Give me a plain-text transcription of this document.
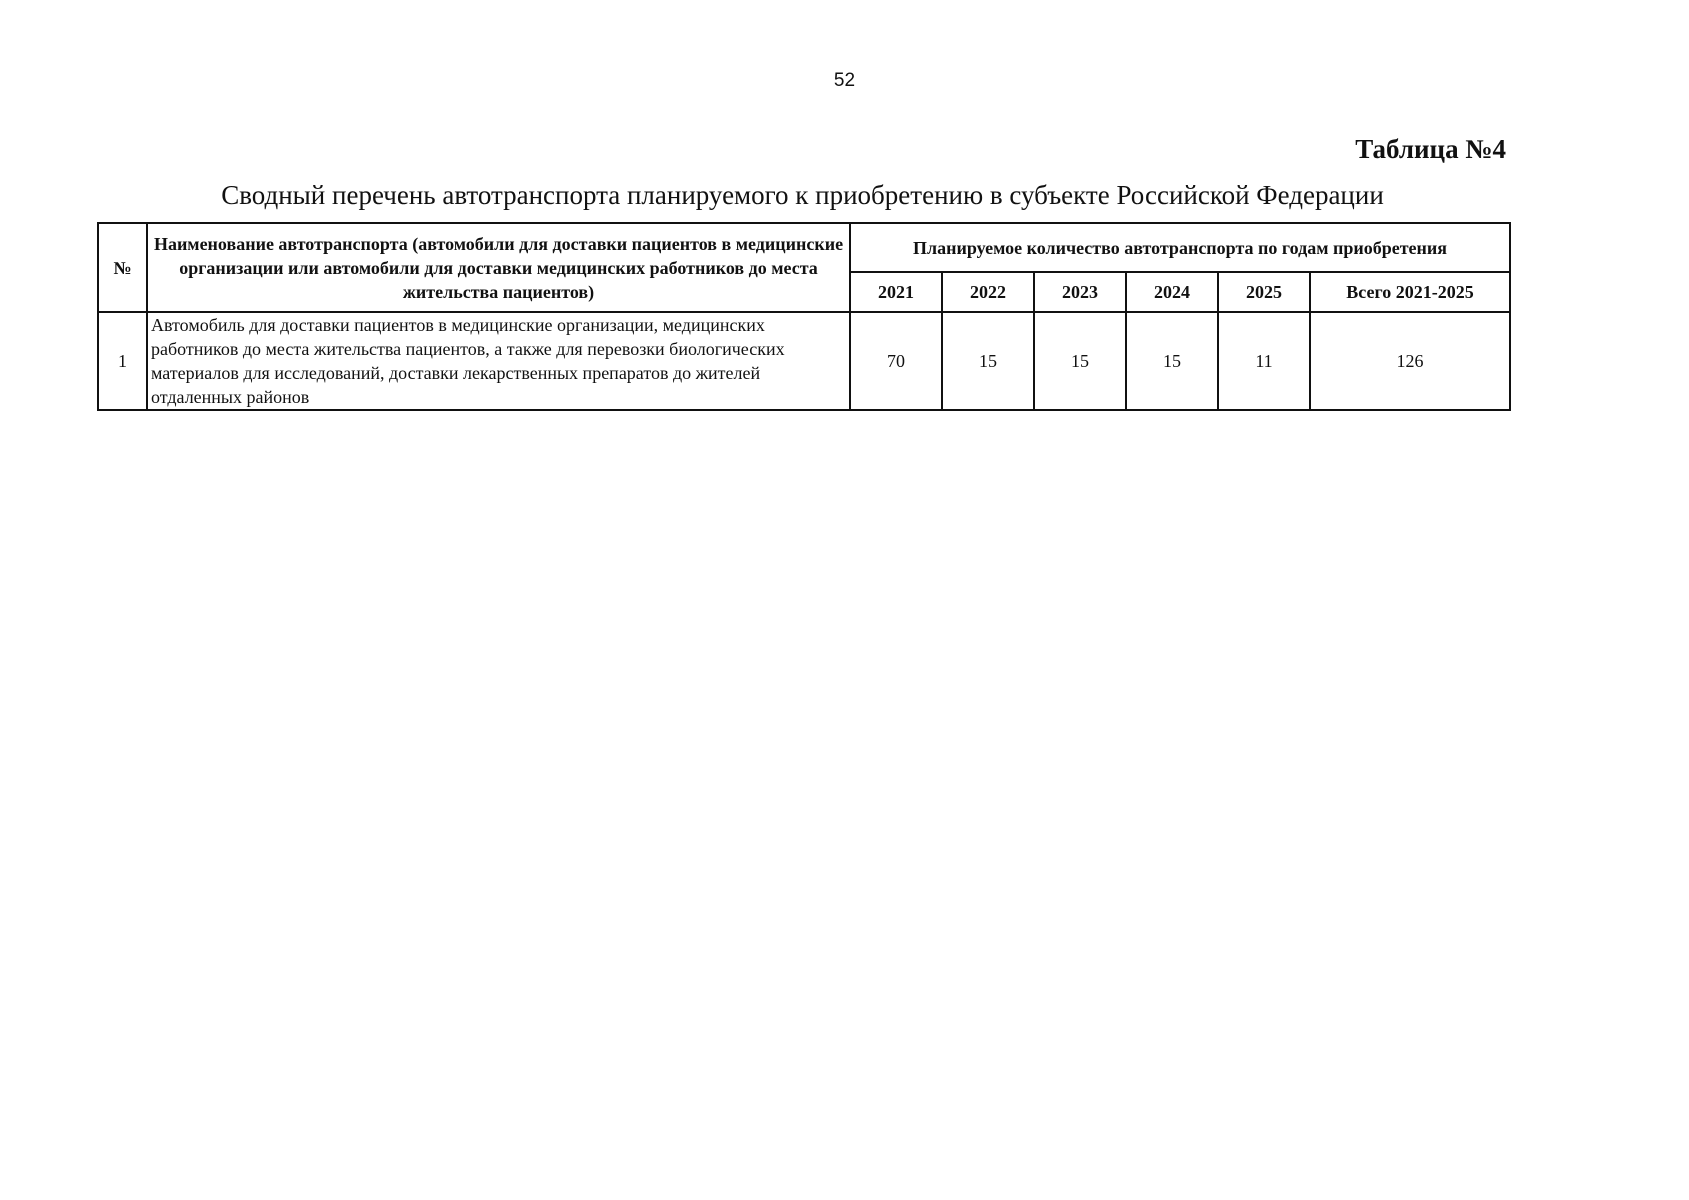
52
Таблица №4
Сводный перечень автотранспорта планируемого к приобретению в субъекте Российской Федерации
№	Наименование автотранспорта (автомобили для доставки пациентов в медицинские организации или автомобили для доставки медицинских работников до места жительства пациентов)	Планируемое количество автотранспорта по годам приобретения					
		2021	2022	2023	2024	2025	Всего 2021-2025
1	Автомобиль для доставки пациентов в медицинские организации, медицинских работников до места жительства пациентов, а также для перевозки биологических материалов для исследований, доставки лекарственных препаратов до жителей отдаленных районов	70	15	15	15	11	126
